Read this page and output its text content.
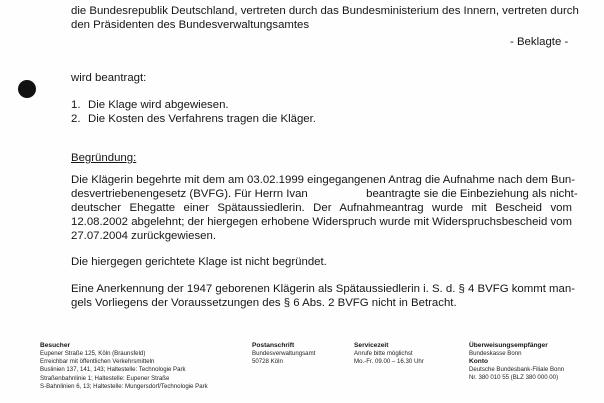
die Bundesrepublik Deutschland, vertreten durch das Bundesministerium des Innern, vertreten durch
den Präsidenten des Bundesverwaltungsamtes
- Beklagte -
wird beantragt:
1. Die Klage wird abgewiesen.
2. Die Kosten des Verfahrens tragen die Kläger.
Begründung:
Die Klägerin begehrte mit dem am 03.02.1999 eingegangenen Antrag die Aufnahme nach dem Bun-
desvertriebenengesetz (BVFG). Für Herrn Ivan	beantragte sie die Einbeziehung als nicht-
deutscher Ehegatte einer Spätaussiedlerin. Der Aufnahmeantrag wurde mit Bescheid vom
12.08.2002 abgelehnt; der hiergegen erhobene Widerspruch wurde mit Widerspruchsbescheid vom
27.07.2004 zurückgewiesen.
Die hiergegen gerichtete Klage ist nicht begründet.
Eine Anerkennung der 1947 geborenen Klägerin als Spätaussiedlerin i. S. d. § 4 BVFG kommt man-
gels Vorliegens der Voraussetzungen des § 6 Abs. 2 BVFG nicht in Betracht.
Besucher
Eupener Straße 125, Köln (Braunsfeld)
Erreichbar mit öffentlichen Verkehrsmitteln
Buslinien 137, 141, 143; Haltestelle: Technologie Park
Straßenbahnlinie 1; Haltestelle: Eupener Straße
S-Bahnlinien 6, 13; Haltestelle: Mungersdorf/Technologie Park
Postanschrift
Bundesverwaltungsamt
50728 Köln
Servicezeit
Anrufe bitte möglichst
Mo.-Fr. 09.00 – 16.30 Uhr
Überweisungsempfänger
Bundeskasse Bonn
Konto
Deutsche Bundesbank-Filiale Bonn
Nr. 380 010 55 (BLZ 380 000 00)
